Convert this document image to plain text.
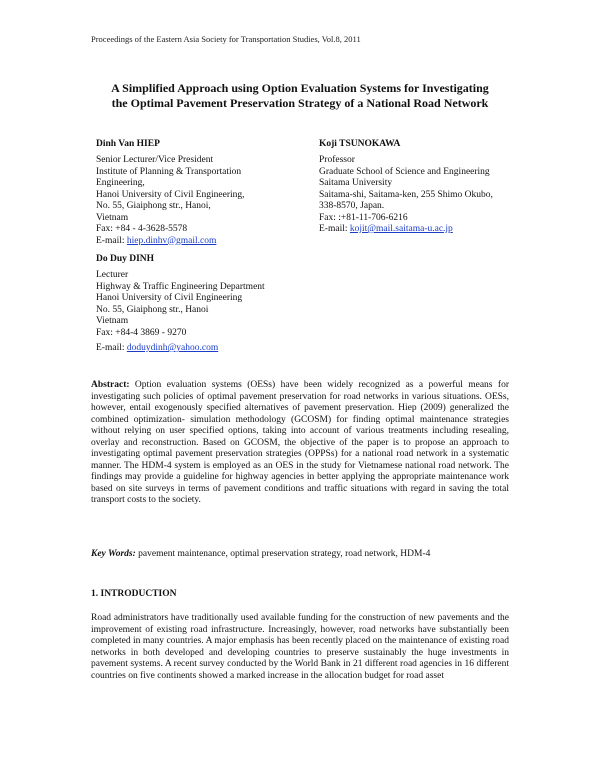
Proceedings of the Eastern Asia Society for Transportation Studies, Vol.8, 2011
A Simplified Approach using Option Evaluation Systems for Investigating
the Optimal Pavement Preservation Strategy of a National Road Network
Dinh Van HIEP
Senior Lecturer/Vice President
Institute of Planning & Transportation
Engineering,
Hanoi University of Civil Engineering,
No. 55, Giaiphong str., Hanoi,
Vietnam
Fax: +84 - 4-3628-5578
E-mail: hiep.dinhv@gmail.com
Koji TSUNOKAWA
Professor
Graduate School of Science and Engineering
Saitama University
Saitama-shi, Saitama-ken, 255 Shimo Okubo,
338-8570, Japan.
Fax: :+81-11-706-6216
E-mail: kojit@mail.saitama-u.ac.jp
Do Duy DINH
Lecturer
Highway & Traffic Engineering Department
Hanoi University of Civil Engineering
No. 55, Giaiphong str., Hanoi
Vietnam
Fax: +84-4 3869 - 9270
E-mail: doduydinh@yahoo.com
Abstract: Option evaluation systems (OESs) have been widely recognized as a powerful means for investigating such policies of optimal pavement preservation for road networks in various situations. OESs, however, entail exogenously specified alternatives of pavement preservation. Hiep (2009) generalized the combined optimization- simulation methodology (GCOSM) for finding optimal maintenance strategies without relying on user specified options, taking into account of various treatments including resealing, overlay and reconstruction. Based on GCOSM, the objective of the paper is to propose an approach to investigating optimal pavement preservation strategies (OPPSs) for a national road network in a systematic manner. The HDM-4 system is employed as an OES in the study for Vietnamese national road network. The findings may provide a guideline for highway agencies in better applying the appropriate maintenance work based on site surveys in terms of pavement conditions and traffic situations with regard in saving the total transport costs to the society.
Key Words: pavement maintenance, optimal preservation strategy, road network, HDM-4
1. INTRODUCTION
Road administrators have traditionally used available funding for the construction of new pavements and the improvement of existing road infrastructure. Increasingly, however, road networks have substantially been completed in many countries. A major emphasis has been recently placed on the maintenance of existing road networks in both developed and developing countries to preserve sustainably the huge investments in pavement systems. A recent survey conducted by the World Bank in 21 different road agencies in 16 different countries on five continents showed a marked increase in the allocation budget for road asset
